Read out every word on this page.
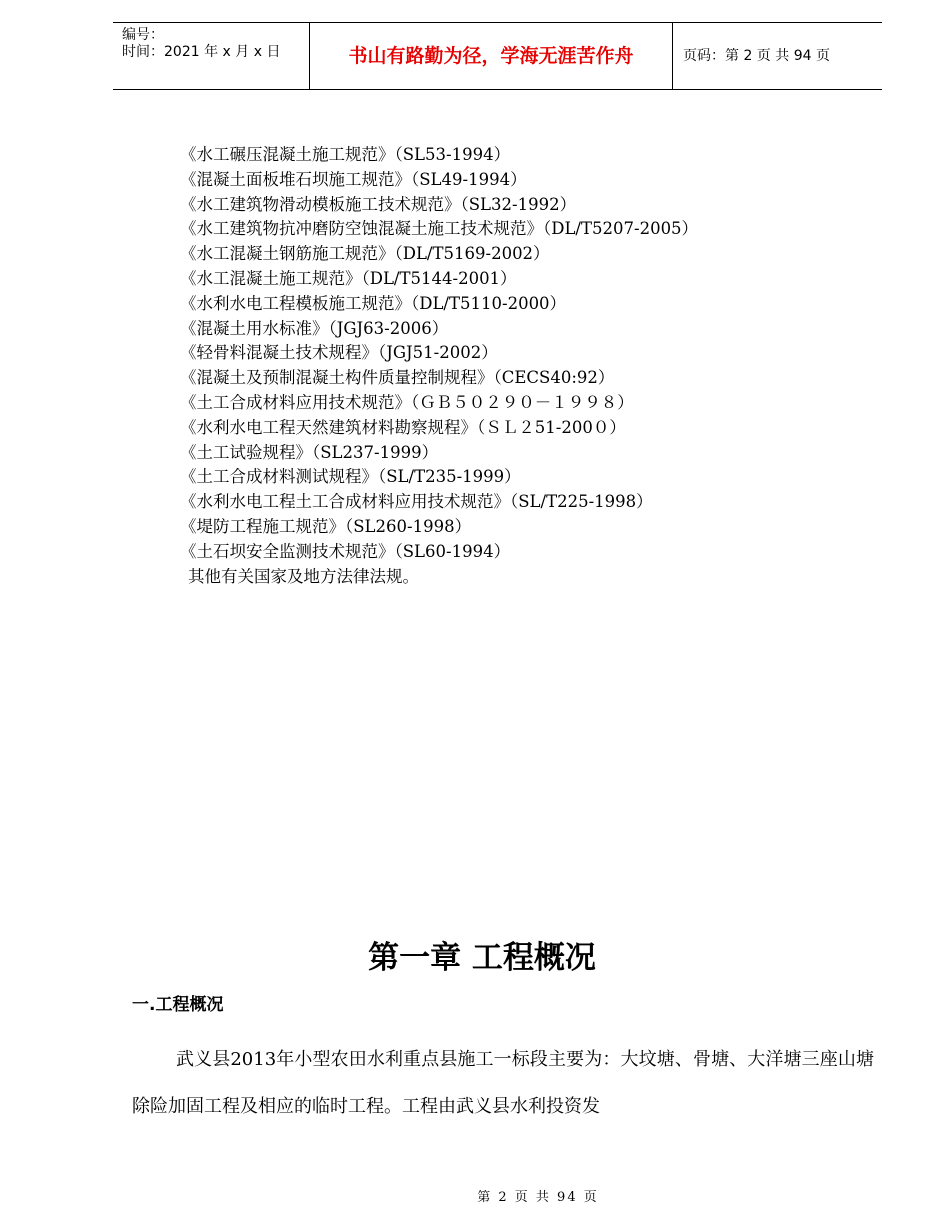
编号：
时间：2021 年 x 月 x 日	书山有路勤为径，学海无涯苦作舟	页码：第 2 页 共 94 页
《水工碾压混凝土施工规范》（SL53-1994）
《混凝土面板堆石坝施工规范》（SL49-1994）
《水工建筑物滑动模板施工技术规范》（SL32-1992）
《水工建筑物抗冲磨防空蚀混凝土施工技术规范》（DL/T5207-2005）
《水工混凝土钢筋施工规范》（DL/T5169-2002）
《水工混凝土施工规范》（DL/T5144-2001）
《水利水电工程模板施工规范》（DL/T5110-2000）
《混凝土用水标准》（JGJ63-2006）
《轻骨料混凝土技术规程》（JGJ51-2002）
《混凝土及预制混凝土构件质量控制规程》（CECS40:92）
《土工合成材料应用技术规范》（ＧＢ５０２９０－１９９８）
《水利水电工程天然建筑材料勘察规程》（ＳＬ２51-200０）
《土工试验规程》（SL237-1999）
《土工合成材料测试规程》（SL/T235-1999）
《水利水电工程土工合成材料应用技术规范》（SL/T225-1998）
《堤防工程施工规范》（SL260-1998）
《土石坝安全监测技术规范》（SL60-1994）
其他有关国家及地方法律法规。
第一章 工程概况
一.工程概况

武义县2013年小型农田水利重点县施工一标段主要为：大坟塘、骨塘、大洋塘三座山塘除险加固工程及相应的临时工程。工程由武义县水利投资发

第 2 页 共 94 页
